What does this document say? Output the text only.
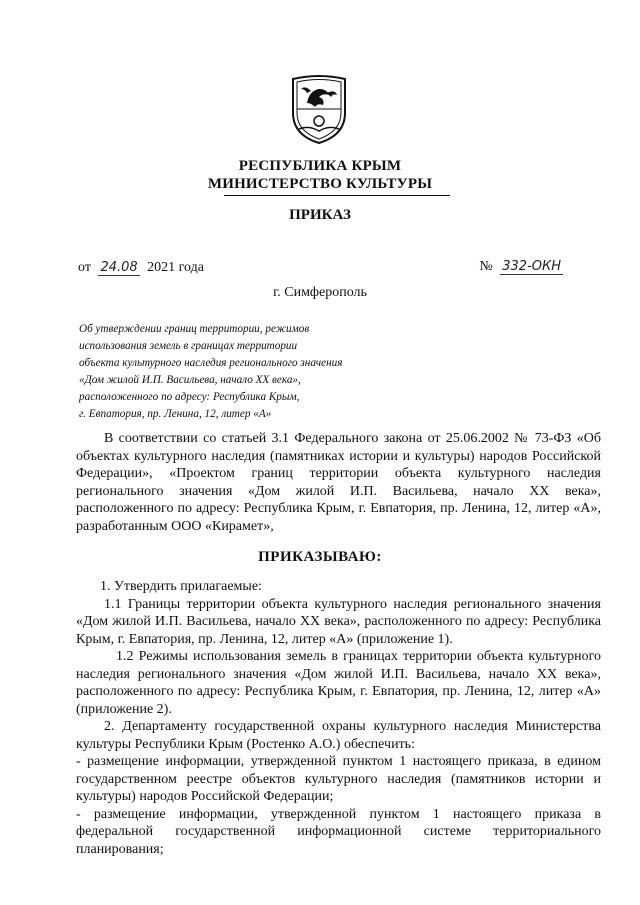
РЕСПУБЛИКА КРЫМ
МИНИСТЕРСТВО КУЛЬТУРЫ
ПРИКАЗ
от 24.08 2021 года	№ 332-ОКН
г. Симферополь
Об утверждении границ территории, режимов
использования земель в границах территории
объекта культурного наследия регионального значения
«Дом жилой И.П. Васильева, начало XX века»,
расположенного по адресу: Республика Крым,
г. Евпатория, пр. Ленина, 12, литер «А»
В соответствии со статьей 3.1 Федерального закона от 25.06.2002 № 73-ФЗ «Об объектах культурного наследия (памятниках истории и культуры) народов Российской Федерации», «Проектом границ территории объекта культурного наследия регионального значения «Дом жилой И.П. Васильева, начало XX века», расположенного по адресу: Республика Крым, г. Евпатория, пр. Ленина, 12, литер «А», разработанным ООО «Кирамет»,
ПРИКАЗЫВАЮ:

1. Утвердить прилагаемые:

1.1 Границы территории объекта культурного наследия регионального значения «Дом жилой И.П. Васильева, начало XX века», расположенного по адресу: Республика Крым, г. Евпатория, пр. Ленина, 12, литер «А» (приложение 1).

1.2 Режимы использования земель в границах территории объекта культурного наследия регионального значения «Дом жилой И.П. Васильева, начало XX века», расположенного по адресу: Республика Крым, г. Евпатория, пр. Ленина, 12, литер «А» (приложение 2).

2. Департаменту государственной охраны культурного наследия Министерства культуры Республики Крым (Ростенко А.О.) обеспечить:

- размещение информации, утвержденной пунктом 1 настоящего приказа, в едином государственном реестре объектов культурного наследия (памятников истории и культуры) народов Российской Федерации;

- размещение информации, утвержденной пунктом 1 настоящего приказа в федеральной государственной информационной системе территориального планирования;
